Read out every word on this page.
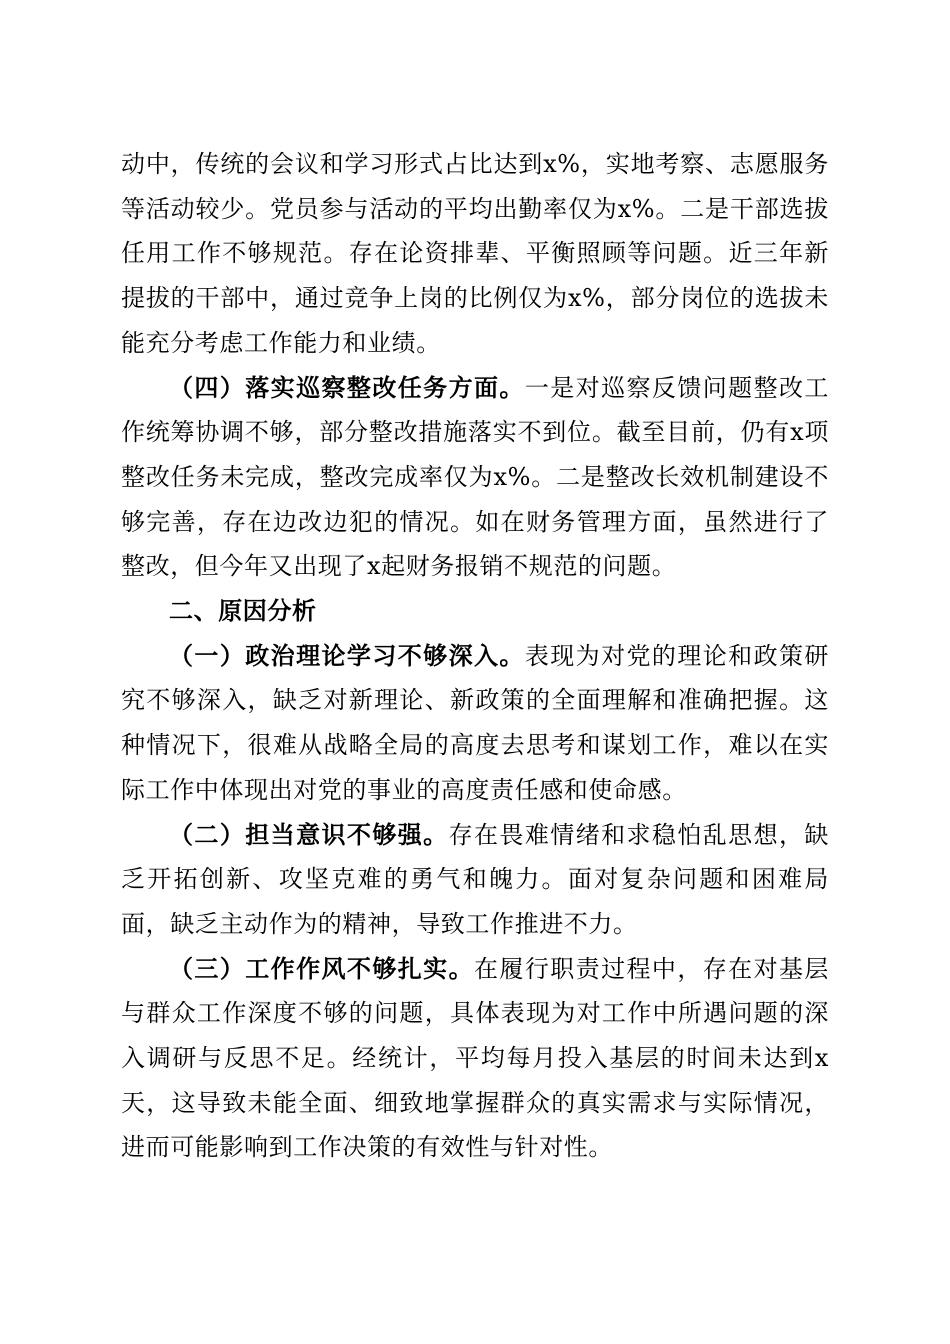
动中，传统的会议和学习形式占比达到x%，实地考察、志愿服务等活动较少。党员参与活动的平均出勤率仅为x%。二是干部选拔任用工作不够规范。存在论资排辈、平衡照顾等问题。近三年新提拔的干部中，通过竞争上岗的比例仅为x%，部分岗位的选拔未能充分考虑工作能力和业绩。

（四）落实巡察整改任务方面。一是对巡察反馈问题整改工作统筹协调不够，部分整改措施落实不到位。截至目前，仍有x项整改任务未完成，整改完成率仅为x%。二是整改长效机制建设不够完善，存在边改边犯的情况。如在财务管理方面，虽然进行了整改，但今年又出现了x起财务报销不规范的问题。

二、原因分析

（一）政治理论学习不够深入。表现为对党的理论和政策研究不够深入，缺乏对新理论、新政策的全面理解和准确把握。这种情况下，很难从战略全局的高度去思考和谋划工作，难以在实际工作中体现出对党的事业的高度责任感和使命感。

（二）担当意识不够强。存在畏难情绪和求稳怕乱思想，缺乏开拓创新、攻坚克难的勇气和魄力。面对复杂问题和困难局面，缺乏主动作为的精神，导致工作推进不力。

（三）工作作风不够扎实。在履行职责过程中，存在对基层与群众工作深度不够的问题，具体表现为对工作中所遇问题的深入调研与反思不足。经统计，平均每月投入基层的时间未达到x天，这导致未能全面、细致地掌握群众的真实需求与实际情况，进而可能影响到工作决策的有效性与针对性。
